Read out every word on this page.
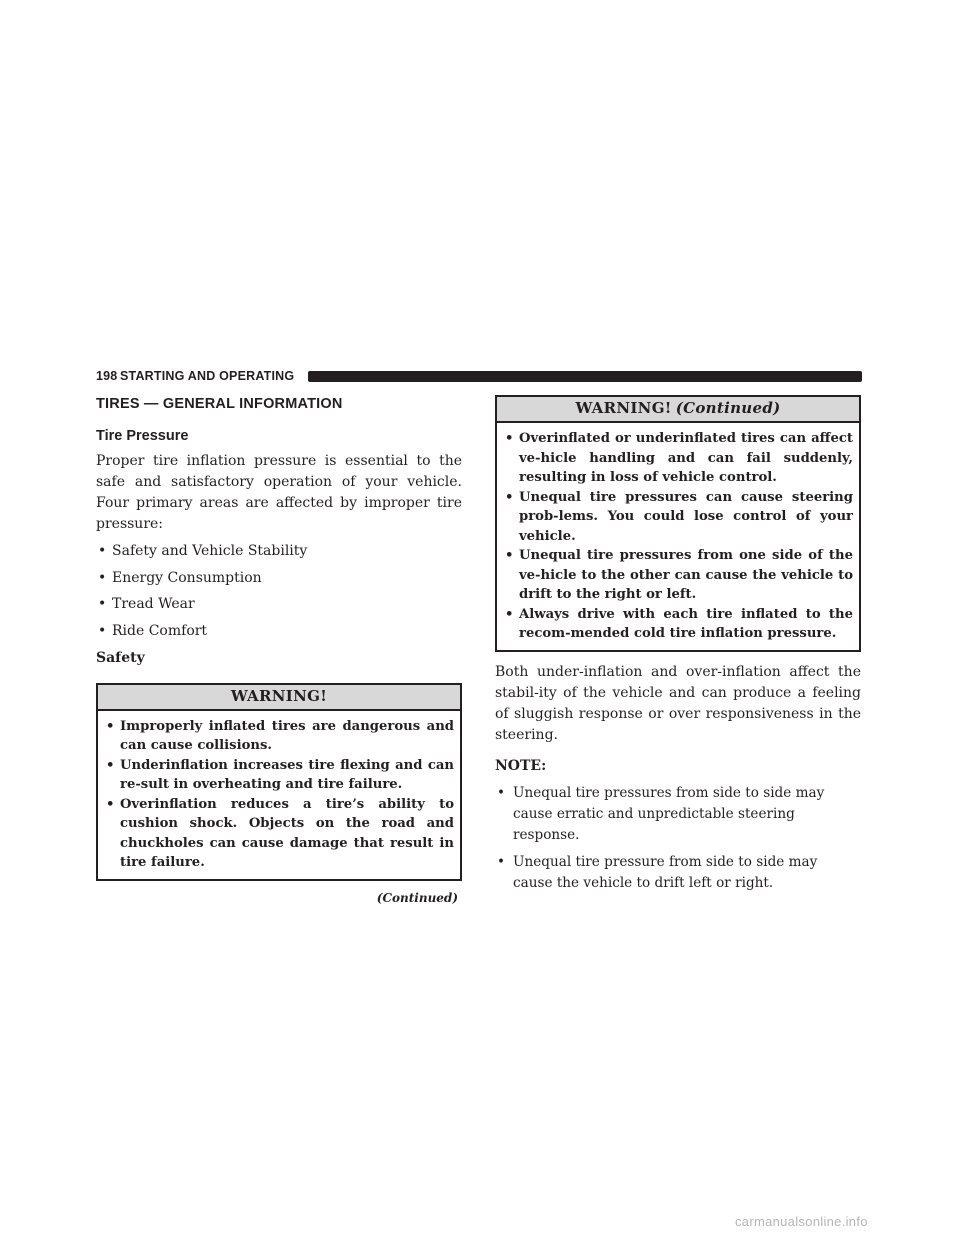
198 STARTING AND OPERATING
TIRES — GENERAL INFORMATION
Tire Pressure

Proper tire inflation pressure is essential to the safe and satisfactory operation of your vehicle. Four primary areas are affected by improper tire pressure:

• Safety and Vehicle Stability
• Energy Consumption
• Tread Wear
• Ride Comfort
Safety
WARNING!
• Improperly inflated tires are dangerous and can cause collisions.
• Underinflation increases tire flexing and can re-sult in overheating and tire failure.
• Overinflation reduces a tire’s ability to cushion shock. Objects on the road and chuckholes can cause damage that result in tire failure.
(Continued)
WARNING! (Continued)
• Overinflated or underinflated tires can affect ve-hicle handling and can fail suddenly, resulting in loss of vehicle control.
• Unequal tire pressures can cause steering prob-lems. You could lose control of your vehicle.
• Unequal tire pressures from one side of the ve-hicle to the other can cause the vehicle to drift to the right or left.
• Always drive with each tire inflated to the recom-mended cold tire inflation pressure.

Both under-inflation and over-inflation affect the stabil-ity of the vehicle and can produce a feeling of sluggish response or over responsiveness in the steering.

NOTE:
• Unequal tire pressures from side to side may cause erratic and unpredictable steering response.
• Unequal tire pressure from side to side may cause the vehicle to drift left or right.
carmanualsonline.info
